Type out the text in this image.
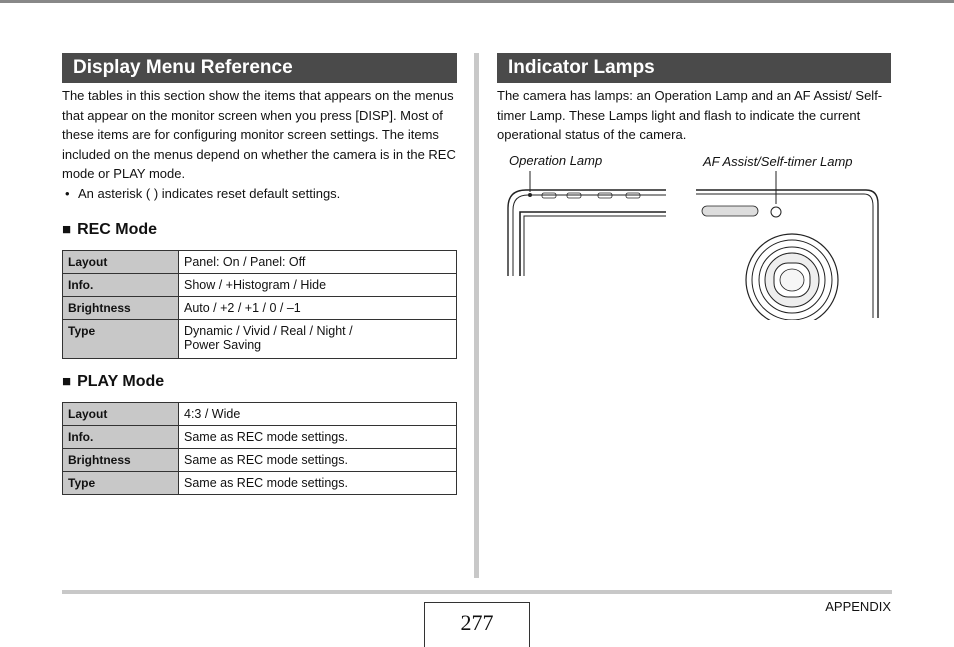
Display Menu Reference
The tables in this section show the items that appears on the menus that appear on the monitor screen when you press [DISP]. Most of these items are for configuring monitor screen settings. The items included on the menus depend on whether the camera is in the REC mode or PLAY mode.
• An asterisk ( ) indicates reset default settings.
■ REC Mode
Layout	Panel: On / Panel: Off
Info.	Show / +Histogram / Hide
Brightness	Auto / +2 / +1 / 0 / –1
Type	Dynamic / Vivid / Real / Night /
Power Saving
■ PLAY Mode
Layout	4:3 / Wide
Info.	Same as REC mode settings.
Brightness	Same as REC mode settings.
Type	Same as REC mode settings.
Indicator Lamps
The camera has lamps: an Operation Lamp and an AF Assist/ Self-timer Lamp. These Lamps light and flash to indicate the current operational status of the camera.
Operation Lamp	AF Assist/Self-timer Lamp
277
APPENDIX
